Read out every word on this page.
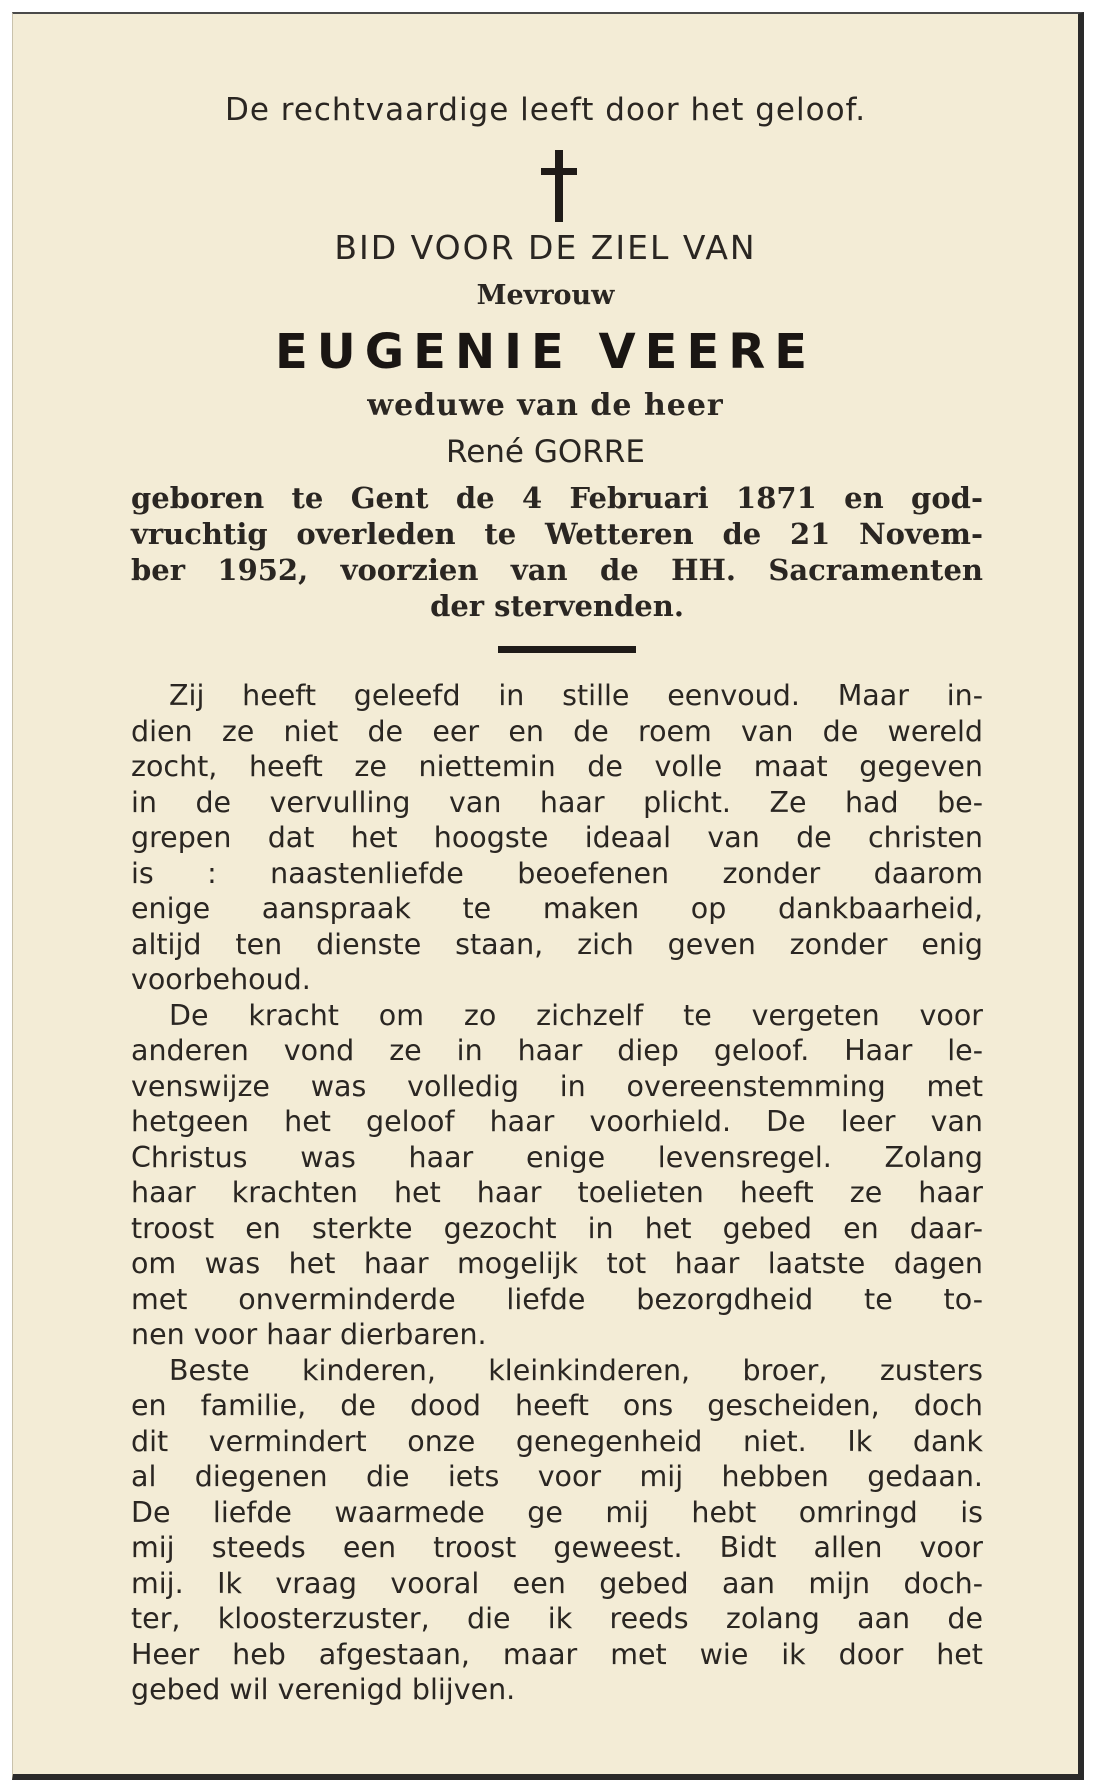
De rechtvaardige leeft door het geloof.
BID VOOR DE ZIEL VAN
Mevrouw
EUGENIE VEERE
weduwe van de heer
René GORRE
geboren te Gent de 4 Februari 1871 en god-
vruchtig overleden te Wetteren de 21 Novem-
ber 1952, voorzien van de HH. Sacramenten
der stervenden.
Zij heeft geleefd in stille eenvoud. Maar in-
dien ze niet de eer en de roem van de wereld
zocht, heeft ze niettemin de volle maat gegeven
in de vervulling van haar plicht. Ze had be-
grepen dat het hoogste ideaal van de christen
is : naastenliefde beoefenen zonder daarom
enige aanspraak te maken op dankbaarheid,
altijd ten dienste staan, zich geven zonder enig
voorbehoud.
De kracht om zo zichzelf te vergeten voor
anderen vond ze in haar diep geloof. Haar le-
venswijze was volledig in overeenstemming met
hetgeen het geloof haar voorhield. De leer van
Christus was haar enige levensregel. Zolang
haar krachten het haar toelieten heeft ze haar
troost en sterkte gezocht in het gebed en daar-
om was het haar mogelijk tot haar laatste dagen
met onverminderde liefde bezorgdheid te to-
nen voor haar dierbaren.
Beste kinderen, kleinkinderen, broer, zusters
en familie, de dood heeft ons gescheiden, doch
dit vermindert onze genegenheid niet. Ik dank
al diegenen die iets voor mij hebben gedaan.
De liefde waarmede ge mij hebt omringd is
mij steeds een troost geweest. Bidt allen voor
mij. Ik vraag vooral een gebed aan mijn doch-
ter, kloosterzuster, die ik reeds zolang aan de
Heer heb afgestaan, maar met wie ik door het
gebed wil verenigd blijven.
